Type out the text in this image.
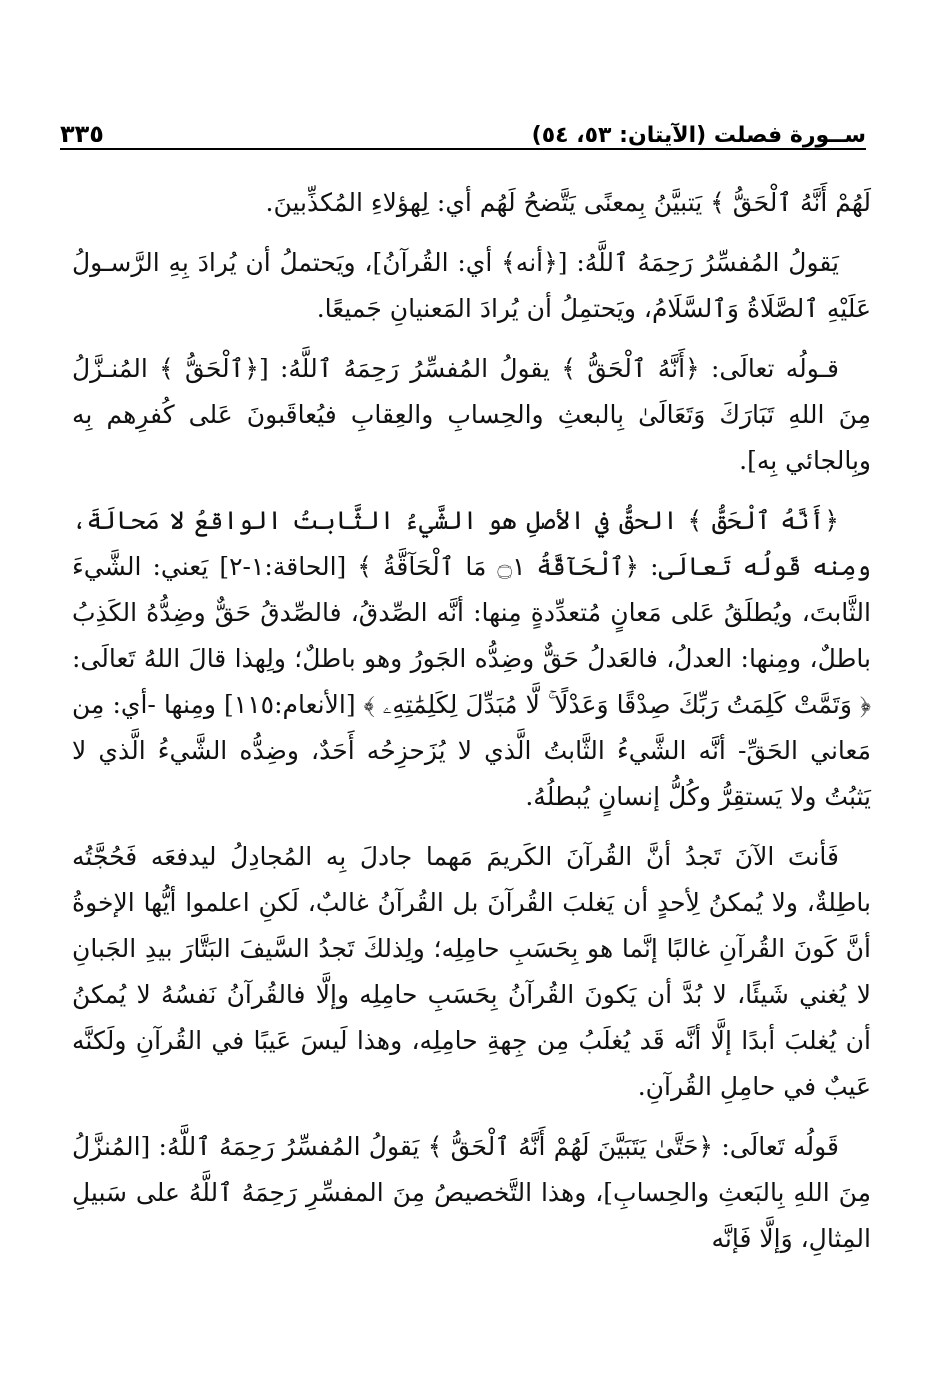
ســورة فصلت (الآيتان: ٥٣، ٥٤)
٣٣٥

لَهُمْ أَنَّهُ ٱلْحَقُّ ﴾ يَتبيَّنُ بِمعنًى يَتَّضحُ لَهُم أي: لِهؤلاءِ المُكذِّبينَ.

يَقولُ المُفسِّرُ رَحِمَهُ ٱللَّهُ: [﴿أنه﴾ أي: القُرآنُ]، ويَحتملُ أن يُرادَ بِهِ الرَّسـولُ عَلَيْهِ ٱلصَّلَاةُ وَٱلسَّلَامُ، ويَحتمِلُ أن يُرادَ المَعنيانِ جَميعًا.

قـولُه تعالَى: ﴿أَنَّهُ ٱلْحَقُّ ﴾ يقولُ المُفسِّرُ رَحِمَهُ ٱللَّهُ: [﴿ٱلْحَقُّ ﴾ المُنـزَّلُ مِنَ اللهِ تَبَارَكَ وَتَعَالَىٰ بِالبعثِ والحِسابِ والعِقابِ فيُعاقَبونَ عَلى كُفرِهم بِه وبِالجائي بِه].

﴿أَنَّهُ ٱلْحَقُّ ﴾ الحقُّ في الأصلِ هو الشَّيءُ الثَّابتُ الواقعُ لا مَحالَةَ، ومِنه قَولُه تَعالَى: ﴿ٱلْحَآقَّةُ ۝١ مَا ٱلْحَآقَّةُ ﴾ [الحاقة:١-٢] يَعني: الشَّيءَ الثَّابتَ، ويُطلَقُ عَلى مَعانٍ مُتعدِّدةٍ مِنها: أنَّه الصِّدقُ، فالصِّدقُ حَقٌّ وضِدُّهُ الكَذِبُ باطلٌ، ومِنها: العدلُ، فالعَدلُ حَقٌّ وضِدُّه الجَورُ وهو باطلٌ؛ ولِهذا قالَ اللهُ تَعالَى: ﴿ وَتَمَّتْ كَلِمَتُ رَبِّكَ صِدْقًا وَعَدْلًا ۚ لَّا مُبَدِّلَ لِكَلِمَٰتِهِۦ ﴾ [الأنعام:١١٥] ومِنها -أي: مِن مَعاني الحَقِّ- أنَّه الشَّيءُ الثَّابتُ الَّذي لا يُزَحزِحُه أَحَدٌ، وضِدُّه الشَّيءُ الَّذي لا يَثبُتُ ولا يَستقِرُّ وكُلُّ إنسانٍ يُبطلُهُ.

فَأنتَ الآنَ تَجدُ أنَّ القُرآنَ الكَريمَ مَهما جادلَ بِه المُجادِلُ ليدفعَه فَحُجَّتُه باطِلةٌ، ولا يُمكنُ لِأحدٍ أن يَغلبَ القُرآنَ بل القُرآنُ غالبٌ، لَكنِ اعلموا أيُّها الإخوةُ أنَّ كَونَ القُرآنِ غالبًا إنَّما هو بِحَسَبِ حامِلِه؛ ولِذلكَ تَجدُ السَّيفَ البَتَّارَ بيدِ الجَبانِ لا يُغني شَيئًا، لا بُدَّ أن يَكونَ القُرآنُ بِحَسَبِ حامِلِه وإلَّا فالقُرآنُ نَفسُهُ لا يُمكنُ أن يُغلبَ أبدًا إلَّا أنَّه قَد يُغلَبُ مِن جِهةِ حامِلِه، وهذا لَيسَ عَيبًا في القُرآنِ ولَكنَّه عَيبٌ في حامِلِ القُرآنِ.

قَولُه تَعالَى: ﴿حَتَّىٰ يَتَبَيَّنَ لَهُمْ أَنَّهُ ٱلْحَقُّ ﴾ يَقولُ المُفسِّرُ رَحِمَهُ ٱللَّهُ: [المُنزَّلُ مِنَ اللهِ بِالبَعثِ والحِسابِ]، وهذا التَّخصيصُ مِنَ المفسِّرِ رَحِمَهُ ٱللَّهُ على سَبيلِ المِثالِ، وَإلَّا فَإنَّه
